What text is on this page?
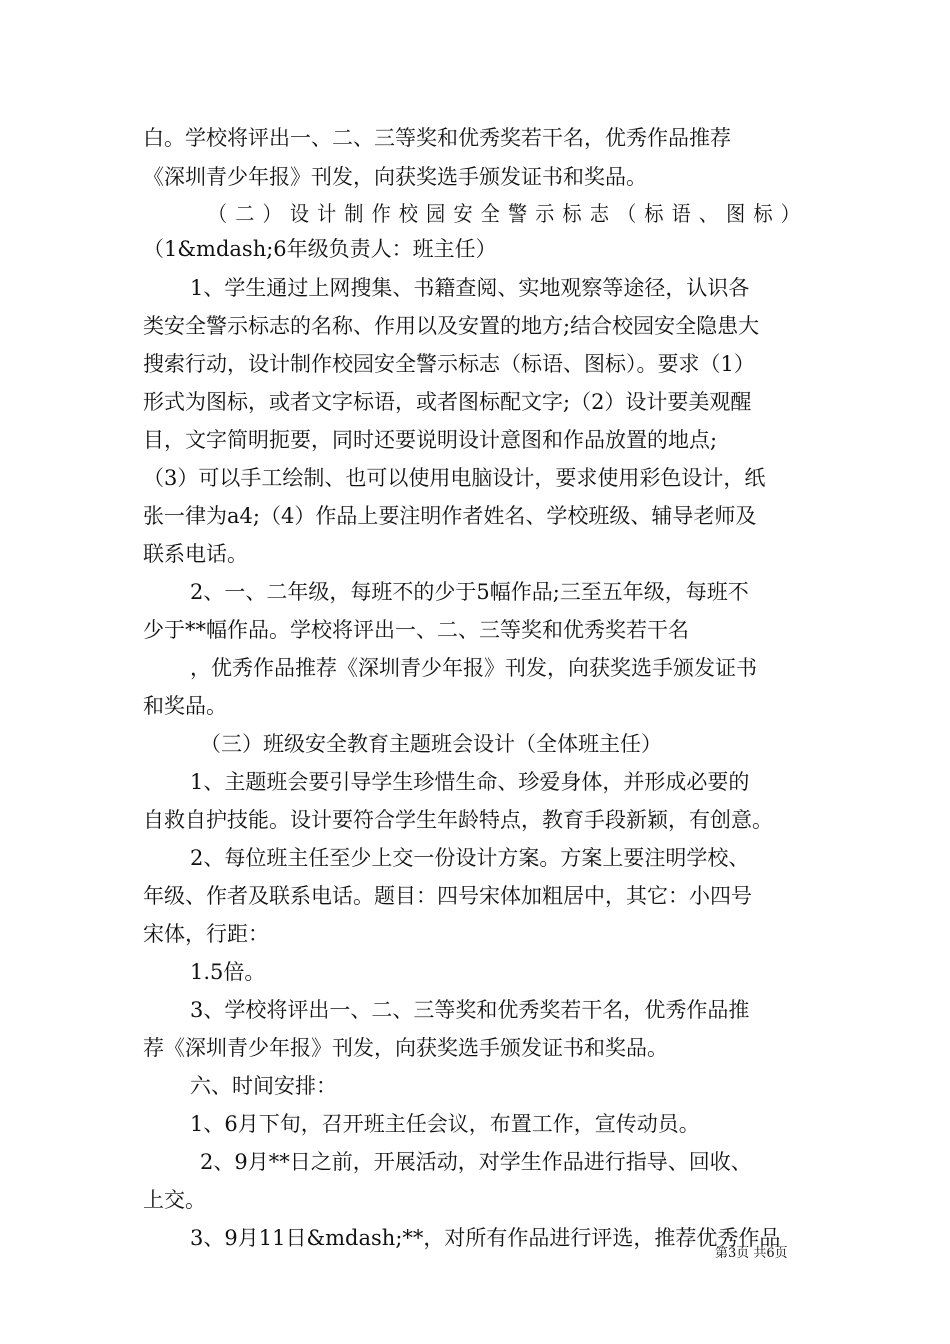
白。学校将评出一、二、三等奖和优秀奖若干名，优秀作品推荐
《深圳青少年报》刊发，向获奖选手颁发证书和奖品。
（二）设计制作校园安全警示标志（标语、图标）
（1&mdash;6年级负责人：班主任）
1、学生通过上网搜集、书籍查阅、实地观察等途径，认识各
类安全警示标志的名称、作用以及安置的地方;结合校园安全隐患大
搜索行动，设计制作校园安全警示标志（标语、图标）。要求（1）
形式为图标，或者文字标语，或者图标配文字;（2）设计要美观醒
目，文字简明扼要，同时还要说明设计意图和作品放置的地点;
（3）可以手工绘制、也可以使用电脑设计，要求使用彩色设计，纸
张一律为a4;（4）作品上要注明作者姓名、学校班级、辅导老师及
联系电话。
2、一、二年级，每班不的少于5幅作品;三至五年级，每班不
少于**幅作品。学校将评出一、二、三等奖和优秀奖若干名
，优秀作品推荐《深圳青少年报》刊发，向获奖选手颁发证书
和奖品。
（三）班级安全教育主题班会设计（全体班主任）
1、主题班会要引导学生珍惜生命、珍爱身体，并形成必要的
自救自护技能。设计要符合学生年龄特点，教育手段新颖，有创意。
2、每位班主任至少上交一份设计方案。方案上要注明学校、
年级、作者及联系电话。题目：四号宋体加粗居中，其它：小四号
宋体，行距：
1.5倍。
3、学校将评出一、二、三等奖和优秀奖若干名，优秀作品推
荐《深圳青少年报》刊发，向获奖选手颁发证书和奖品。
六、时间安排：
1、6月下旬，召开班主任会议，布置工作，宣传动员。
2、9月**日之前，开展活动，对学生作品进行指导、回收、
上交。
3、9月11日&mdash;**，对所有作品进行评选，推荐优秀作品
第3页 共6页
